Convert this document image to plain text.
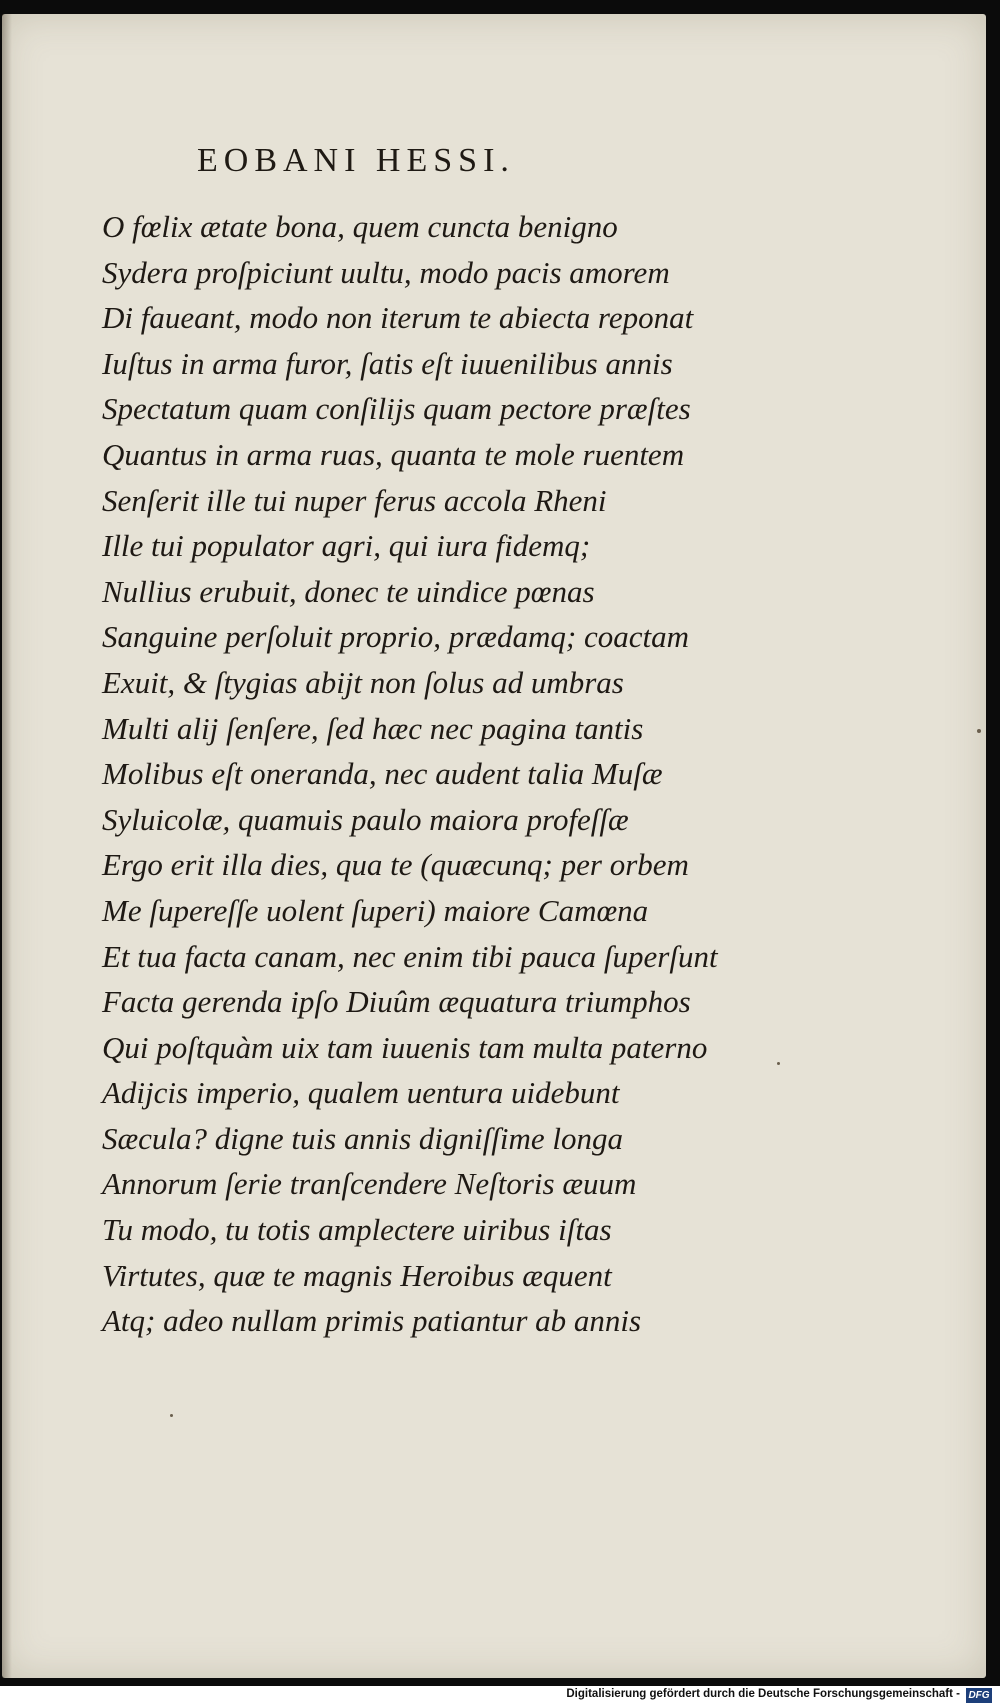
EOBANI HESSI.
O fœlix ætate bona, quem cuncta benigno
Sydera proſpiciunt uultu, modo pacis amorem
Di faueant, modo non iterum te abiecta reponat
Iuſtus in arma furor, ſatis eſt iuuenilibus annis
Spectatum quam conſilijs quam pectore præſtes
Quantus in arma ruas, quanta te mole ruentem
Senſerit ille tui nuper ferus accola Rheni
Ille tui populator agri, qui iura fidemq;
Nullius erubuit, donec te uindice pœnas
Sanguine perſoluit proprio, prædamq; coactam
Exuit, & ſtygias abijt non ſolus ad umbras
Multi alij ſenſere, ſed hæc nec pagina tantis
Molibus eſt oneranda, nec audent talia Muſæ
Syluicolæ, quamuis paulo maiora profeſſæ
Ergo erit illa dies, qua te (quæcunq; per orbem
Me ſupereſſe uolent ſuperi) maiore Camœna
Et tua facta canam, nec enim tibi pauca ſuperſunt
Facta gerenda ipſo Diuûm æquatura triumphos
Qui poſtquàm uix tam iuuenis tam multa paterno
Adijcis imperio, qualem uentura uidebunt
Sæcula? digne tuis annis digniſſime longa
Annorum ſerie tranſcendere Neſtoris æuum
Tu modo, tu totis amplectere uiribus iſtas
Virtutes, quæ te magnis Heroibus æquent
Atq; adeo nullam primis patiantur ab annis
Digitalisierung gefördert durch die Deutsche Forschungsgemeinschaft - DFG
